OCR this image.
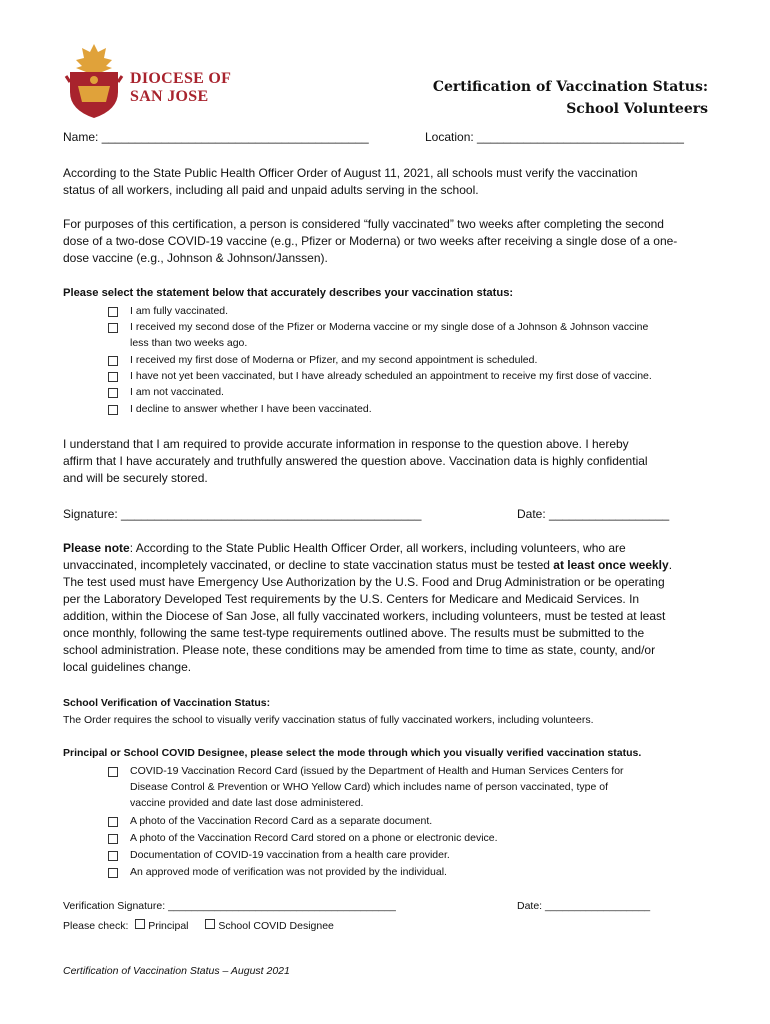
DIOCESE OF
SAN JOSE
Certification of Vaccination Status:
School Volunteers
Name: ________________________________________	Location: _______________________________
According to the State Public Health Officer Order of August 11, 2021, all schools must verify the vaccination
status of all workers, including all paid and unpaid adults serving in the school.
For purposes of this certification, a person is considered “fully vaccinated” two weeks after completing the second
dose of a two-dose COVID-19 vaccine (e.g., Pfizer or Moderna) or two weeks after receiving a single dose of a one-
dose vaccine (e.g., Johnson & Johnson/Janssen).
Please select the statement below that accurately describes your vaccination status:
I am fully vaccinated.
I received my second dose of the Pfizer or Moderna vaccine or my single dose of a Johnson & Johnson vaccine
less than two weeks ago.
I received my first dose of Moderna or Pfizer, and my second appointment is scheduled.
I have not yet been vaccinated, but I have already scheduled an appointment to receive my first dose of vaccine.
I am not vaccinated.
I decline to answer whether I have been vaccinated.
I understand that I am required to provide accurate information in response to the question above. I hereby
affirm that I have accurately and truthfully answered the question above. Vaccination data is highly confidential
and will be securely stored.
Signature: _____________________________________________	Date: __________________
Please note: According to the State Public Health Officer Order, all workers, including volunteers, who are
unvaccinated, incompletely vaccinated, or decline to state vaccination status must be tested at least once weekly.
The test used must have Emergency Use Authorization by the U.S. Food and Drug Administration or be operating
per the Laboratory Developed Test requirements by the U.S. Centers for Medicare and Medicaid Services. In
addition, within the Diocese of San Jose, all fully vaccinated workers, including volunteers, must be tested at least
once monthly, following the same test-type requirements outlined above. The results must be submitted to the
school administration. Please note, these conditions may be amended from time to time as state, county, and/or
local guidelines change.
School Verification of Vaccination Status:
The Order requires the school to visually verify vaccination status of fully vaccinated workers, including volunteers.
Principal or School COVID Designee, please select the mode through which you visually verified vaccination status.
COVID-19 Vaccination Record Card (issued by the Department of Health and Human Services Centers for
Disease Control & Prevention or WHO Yellow Card) which includes name of person vaccinated, type of
vaccine provided and date last dose administered.
A photo of the Vaccination Record Card as a separate document.
A photo of the Vaccination Record Card stored on a phone or electronic device.
Documentation of COVID-19 vaccination from a health care provider.
An approved mode of verification was not provided by the individual.
Verification Signature: _______________________________________	Date: __________________
Please check: Principal	School COVID Designee
Certification of Vaccination Status – August 2021
